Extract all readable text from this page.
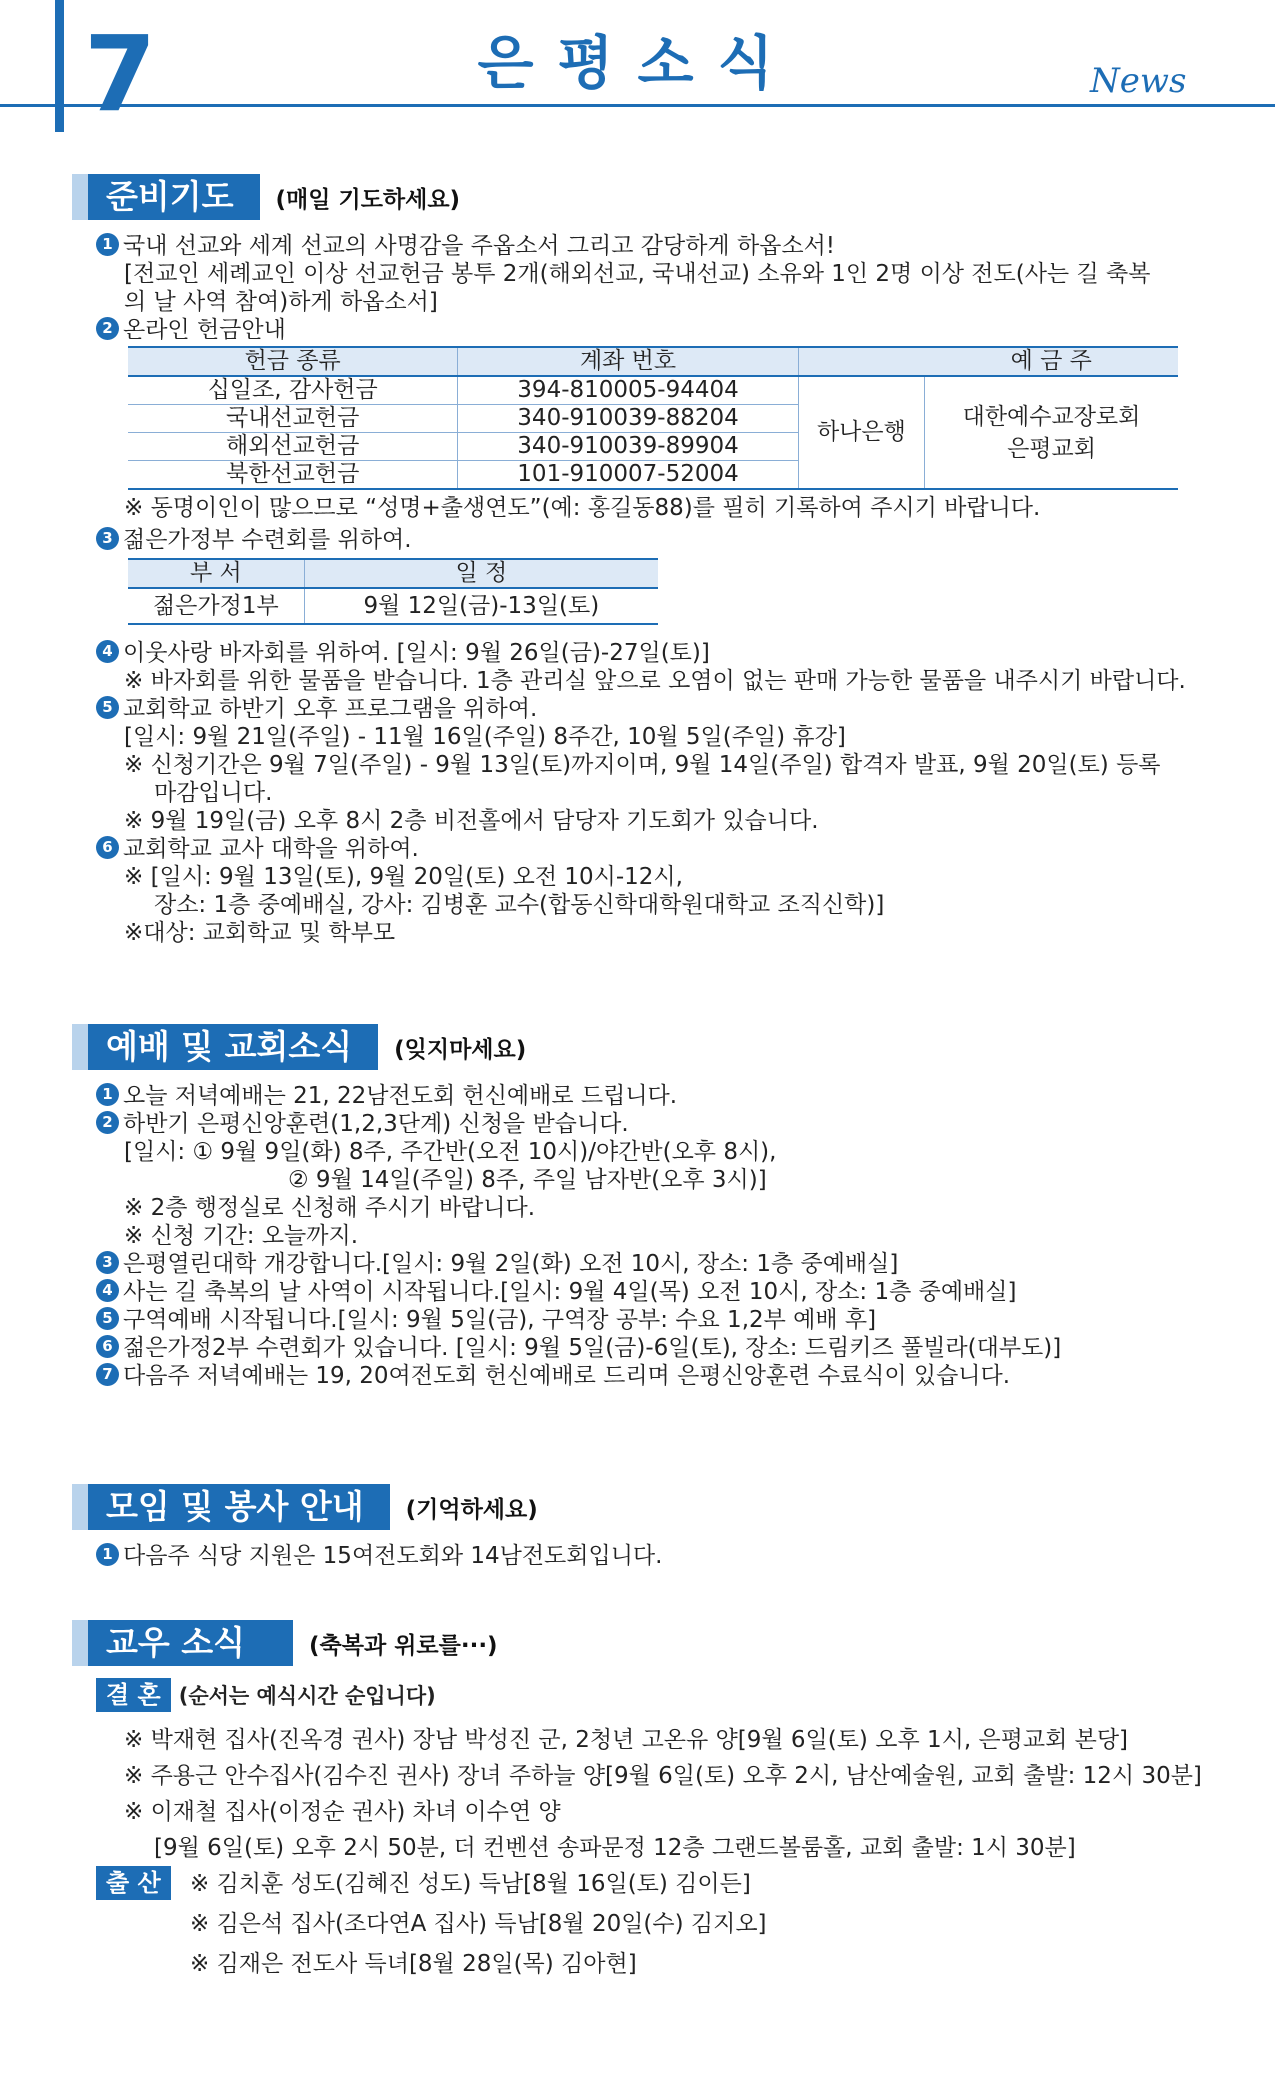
7	은평소식	News
준비기도	(매일 기도하세요)
1 국내 선교와 세계 선교의 사명감을 주옵소서 그리고 감당하게 하옵소서!
[전교인 세례교인 이상 선교헌금 봉투 2개(해외선교, 국내선교) 소유와 1인 2명 이상 전도(사는 길 축복
의 날 사역 참여)하게 하옵소서]
2 온라인 헌금안내
헌금 종류	계좌 번호		예 금 주
십일조, 감사헌금	394-810005-94404	하나은행	대한예수교장로회
은평교회

국내선교헌금	340-910039-88204		
해외선교헌금	340-910039-89904		
북한선교헌금	101-910007-52004		
※ 동명이인이 많으므로 “성명+출생연도”(예: 홍길동88)를 필히 기록하여 주시기 바랍니다.
3 젊은가정부 수련회를 위하여.
부 서	일 정
젊은가정1부	9월 12일(금)-13일(토)
4 이웃사랑 바자회를 위하여. [일시: 9월 26일(금)-27일(토)]
※ 바자회를 위한 물품을 받습니다. 1층 관리실 앞으로 오염이 없는 판매 가능한 물품을 내주시기 바랍니다.
5 교회학교 하반기 오후 프로그램을 위하여.
[일시: 9월 21일(주일) - 11월 16일(주일) 8주간, 10월 5일(주일) 휴강]
※ 신청기간은 9월 7일(주일) - 9월 13일(토)까지이며, 9월 14일(주일) 합격자 발표, 9월 20일(토) 등록
마감입니다.
※ 9월 19일(금) 오후 8시 2층 비전홀에서 담당자 기도회가 있습니다.
6 교회학교 교사 대학을 위하여.
※ [일시: 9월 13일(토), 9월 20일(토) 오전 10시-12시,
장소: 1층 중예배실, 강사: 김병훈 교수(합동신학대학원대학교 조직신학)]
※대상: 교회학교 및 학부모
예배 및 교회소식	(잊지마세요)
1 오늘 저녁예배는 21, 22남전도회 헌신예배로 드립니다.
2 하반기 은평신앙훈련(1,2,3단계) 신청을 받습니다.
[일시: ① 9월 9일(화) 8주, 주간반(오전 10시)/야간반(오후 8시),
② 9월 14일(주일) 8주, 주일 남자반(오후 3시)]
※ 2층 행정실로 신청해 주시기 바랍니다.
※ 신청 기간: 오늘까지.
3 은평열린대학 개강합니다.[일시: 9월 2일(화) 오전 10시, 장소: 1층 중예배실]
4 사는 길 축복의 날 사역이 시작됩니다.[일시: 9월 4일(목) 오전 10시, 장소: 1층 중예배실]
5 구역예배 시작됩니다.[일시: 9월 5일(금), 구역장 공부: 수요 1,2부 예배 후]
6 젊은가정2부 수련회가 있습니다. [일시: 9월 5일(금)-6일(토), 장소: 드림키즈 풀빌라(대부도)]
7 다음주 저녁예배는 19, 20여전도회 헌신예배로 드리며 은평신앙훈련 수료식이 있습니다.
모임 및 봉사 안내	(기억하세요)
1 다음주 식당 지원은 15여전도회와 14남전도회입니다.
교우 소식	(축복과 위로를···)
결 혼 (순서는 예식시간 순입니다)
※ 박재현 집사(진옥경 권사) 장남 박성진 군, 2청년 고온유 양[9월 6일(토) 오후 1시, 은평교회 본당]
※ 주용근 안수집사(김수진 권사) 장녀 주하늘 양[9월 6일(토) 오후 2시, 남산예술원, 교회 출발: 12시 30분]
※ 이재철 집사(이정순 권사) 차녀 이수연 양
[9월 6일(토) 오후 2시 50분, 더 컨벤션 송파문정 12층 그랜드볼룸홀, 교회 출발: 1시 30분]
출 산	※ 김치훈 성도(김혜진 성도) 득남[8월 16일(토) 김이든]
※ 김은석 집사(조다연A 집사) 득남[8월 20일(수) 김지오]
※ 김재은 전도사 득녀[8월 28일(목) 김아현]
